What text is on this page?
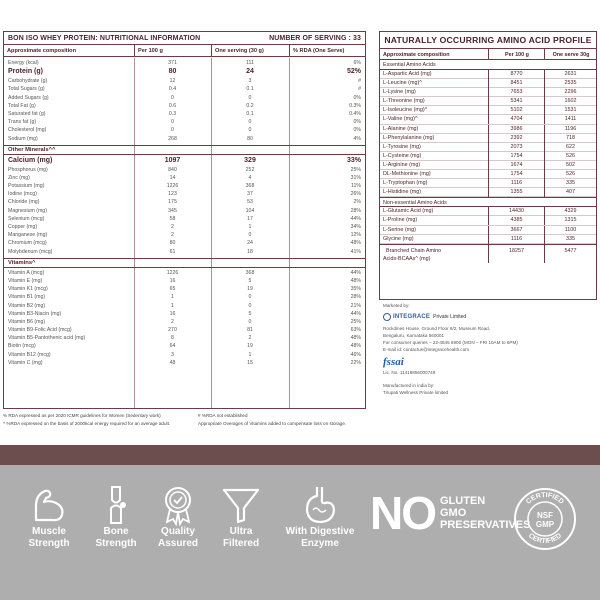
BON ISO WHEY PROTEIN: NUTRITIONAL INFORMATION	NUMBER OF SERVING : 33
Approximate composition	Per 100 g	One serving (30 g)	% RDA (One Serve)
Energy (kcal)	371	111	6%
Protein (g)	80	24	52%
Carbohydrate (g)	12	3	#
Total Sugars (g)	0.4	0.1	#
Added Sugars (g)	0	0	0%
Total Fat (g)	0.6	0.2	0.3%
Saturated fat (g)	0.3	0.1	0.4%
Trans fat (g)	0	0	0%
Cholesterol (mg)	0	0	0%
Sodium (mg)	268	80	4%
Other Minerals^^
Calcium (mg)	1097	329	33%
Phosphorus (mg)	840	252	25%
Zinc (mg)	14	4	31%
Potassium (mg)	1226	368	11%
Iodine (mcg)	123	37	26%
Chloride (mg)	175	53	2%
Magnesium (mg)	345	104	28%
Selenium (mcg)	58	17	44%
Copper (mg)	2	1	34%
Manganese (mg)	2	0	12%
Chromium (mcg)	80	24	48%
Molybdenum (mcg)	61	18	41%
Vitamins^
Vitamin A (mcg)	1226	368	44%
Vitamin E (mg)	16	5	48%
Vitamin K1 (mcg)	65	19	35%
Vitamin B1 (mg)	1	0	28%
Vitamin B2 (mg)	1	0	21%
Vitamin B3-Niacin (mg)	16	5	44%
Vitamin B6 (mg)	2	0	25%
Vitamin B9-Folic Acid (mcg)	270	81	63%
Vitamin B5-Pantothenic acid (mg)	8	2	48%
Biotin (mcg)	64	19	48%
Vitamin B12 (mcg)	3	1	46%
Vitamin C (mg)	48	15	22%
% RDA expressed as per 2020 ICMR guidelines for Women (Sedentary work)	# %RDA not established
^ %RDA expressed on the basis of 2000kcal energy required for an average adult.	Appropriate Overages of Vitamins added to compensate loss on storage.
NATURALLY OCCURRING AMINO ACID PROFILE
Approximate composition	Per 100 g	One serve 30g
Essential Amino Acids
L-Aspartic Acid (mg)	8770	2631
L-Leucine (mg)^	8451	2535
L-Lysine (mg)	7653	2296
L-Threonine (mg)	5341	1602
L-Isoleucine (mg)^	5102	1531
L-Valine (mg)^	4704	1411
L-Alanine (mg)	3986	1196
L-Phenylalanine (mg)	2392	718
L-Tyrosine (mg)	2073	622
L-Cysteine (mg)	1754	526
L-Arginine (mg)	1674	502
DL-Methionine (mg)	1754	526
L-Tryptophan (mg)	1116	335
L-Histidine (mg)	1355	407
Non-essential Amino Acids
L-Glutamic Acid (mg)	14430	4329
L-Proline (mg)	4385	1315
L-Serine (mg)	3667	1100
Glycine (mg)	1116	335
Branched Chain Amino
Acids-BCAAs^ (mg)
18257	5477
Marketed by:
INTEGRACE Private Limited

Rockdines House, Ground Floor 9/2, Museum Road,

Bengaluru, Karnataka 560001

For consumer queries – 22-4845 6900 (MON – FRI 10AM to 6PM)

E-mail id: contactus@integracehealth.com

fssai

Lic. No. 11419856000749

Manufactured in india by:

Tirupati Wellness Private limited

Muscle
Strength
Bone
Strength
Quality
Assured
Ultra
Filtered
With Digestive
Enzyme
NO GLUTEN
GMO
PRESERVATIVES
CERTIFIED
CERTIFIED
NSF
GMP
